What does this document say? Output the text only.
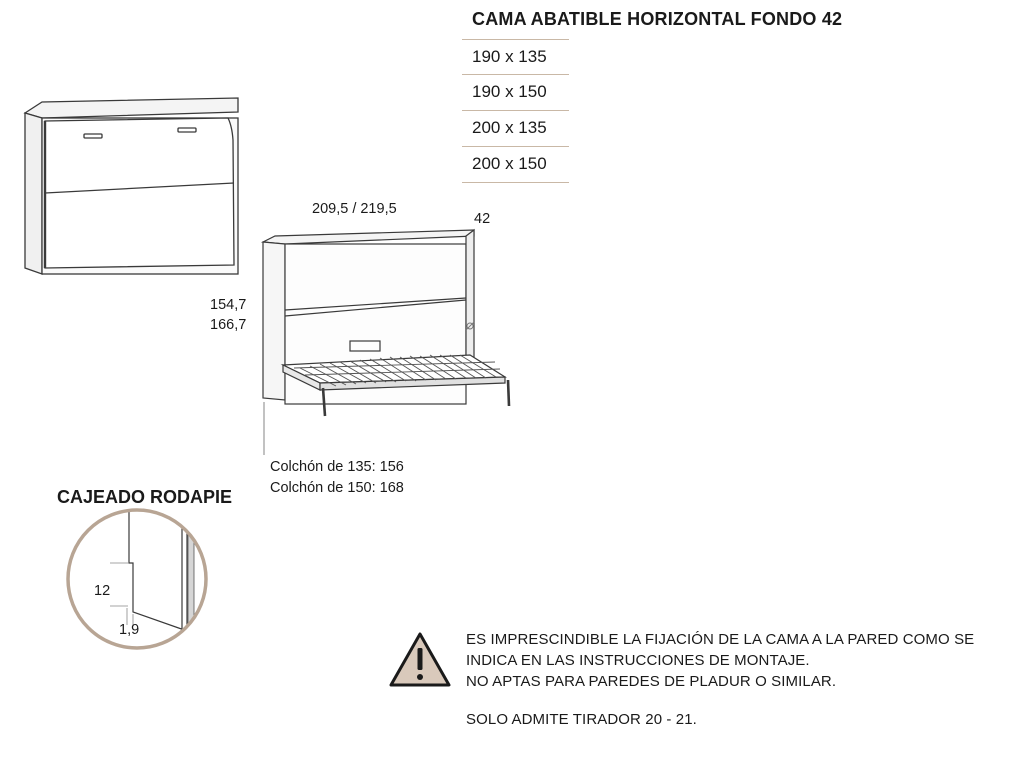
CAMA ABATIBLE HORIZONTAL FONDO 42
190 x 135
190 x 150
200 x 135
200 x 150
209,5 / 219,5
42
154,7
166,7
Colchón de 135: 156
Colchón de 150: 168
CAJEADO RODAPIE
12
1,9
ES IMPRESCINDIBLE LA FIJACIÓN DE LA CAMA A LA PARED COMO SE
INDICA EN LAS INSTRUCCIONES DE MONTAJE.
NO APTAS PARA PAREDES DE PLADUR O SIMILAR.
SOLO ADMITE TIRADOR 20 - 21.
